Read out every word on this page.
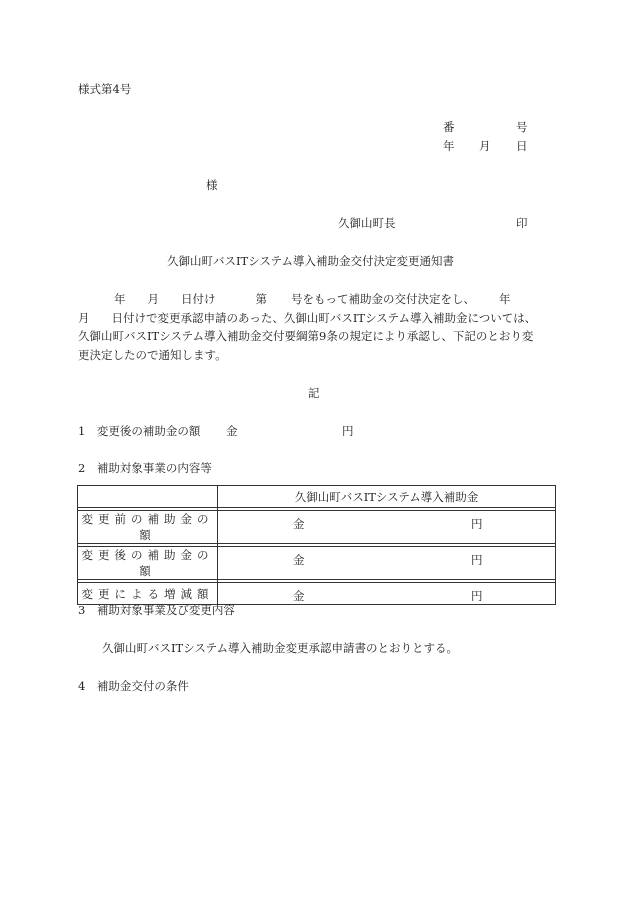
様式第4号
番	号
年 月 日
様
久御山町長	印
久御山町バスITシステム導入補助金交付決定変更通知書
年 月 日付け	第 号をもって補助金の交付決定をし、 年
月 日付けで変更承認申請のあった、久御山町バスITシステム導入補助金については、
久御山町バスITシステム導入補助金交付要綱第9条の規定により承認し、下記のとおり変
更決定したので通知します。
記
1　変更後の補助金の額 金	円
2　補助対象事業の内容等
	久御山町バスITシステム導入補助金

変更前の補助金の額	金 円

変更後の補助金の額	金 円

変更による増減額	金 円
3　補助対象事業及び変更内容
久御山町バスITシステム導入補助金変更承認申請書のとおりとする。
4　補助金交付の条件
